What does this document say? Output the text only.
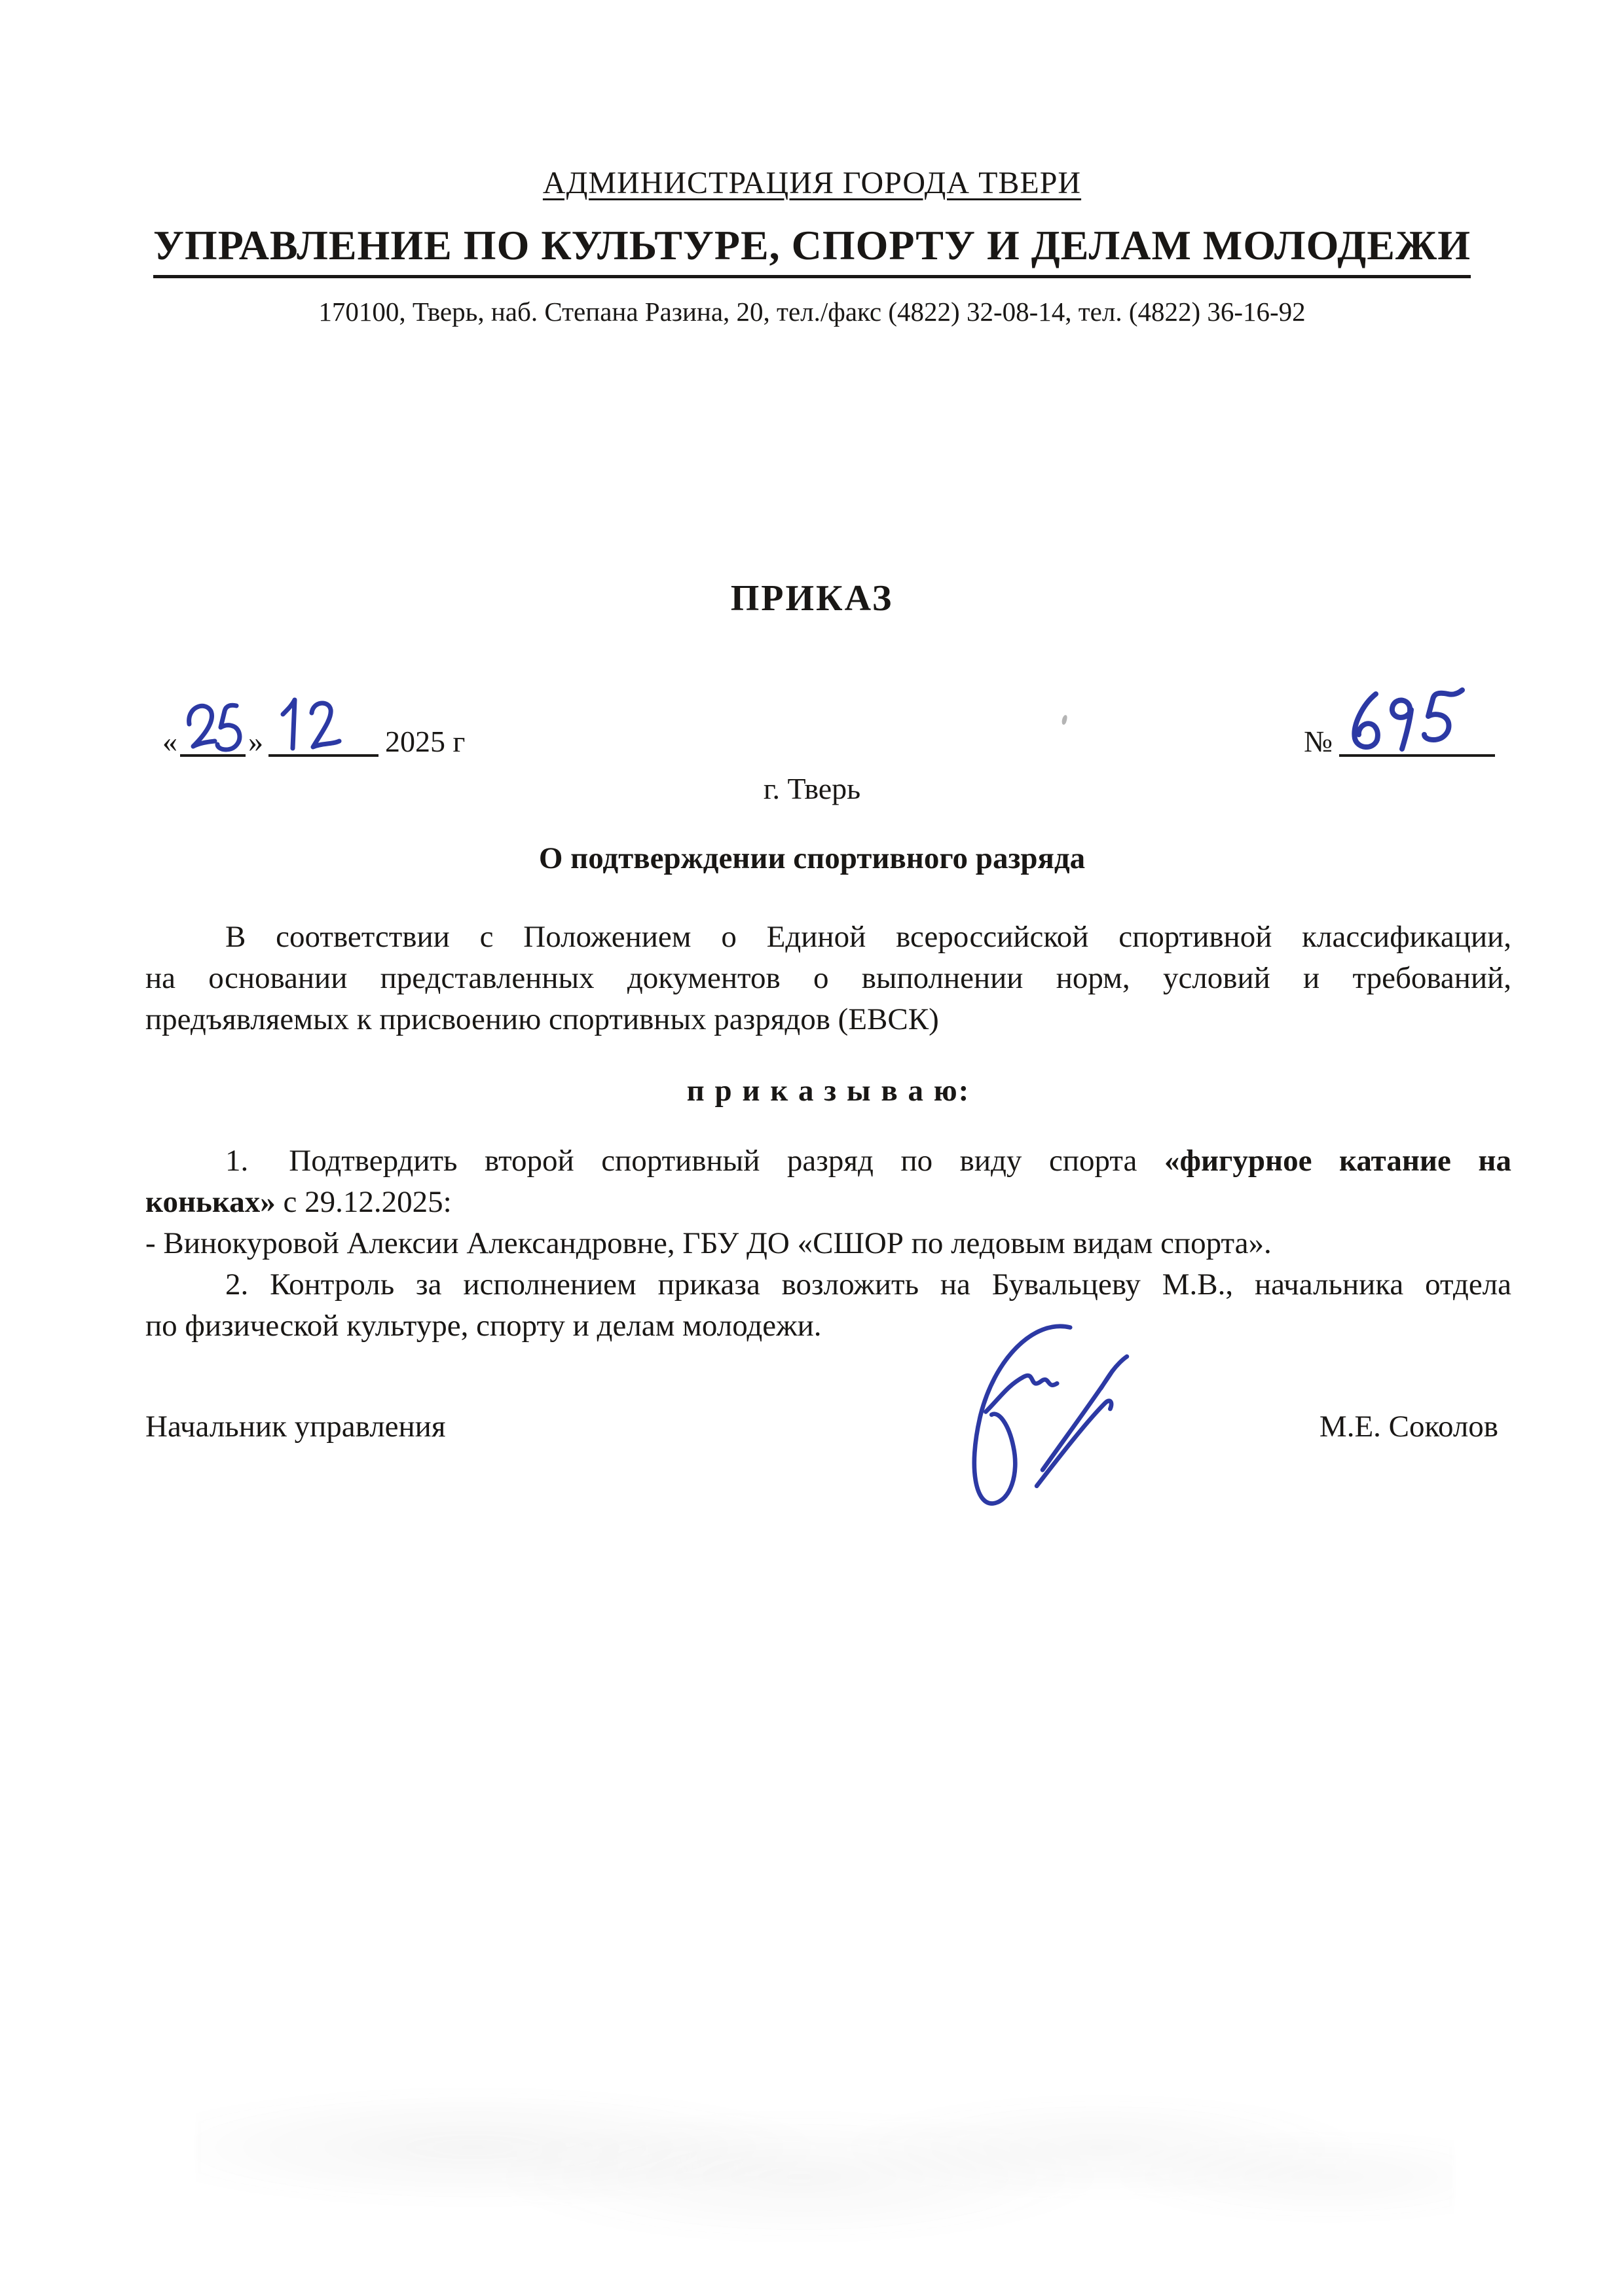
АДМИНИСТРАЦИЯ ГОРОДА ТВЕРИ
УПРАВЛЕНИЕ ПО КУЛЬТУРЕ, СПОРТУ И ДЕЛАМ МОЛОДЕЖИ
170100, Тверь, наб. Степана Разина, 20, тел./факс (4822) 32-08-14, тел. (4822) 36-16-92
ПРИКАЗ
« »	2025 г	№
г. Тверь
О подтверждении спортивного разряда

В соответствии с Положением о Единой всероссийской спортивной классификации,

на основании представленных документов о выполнении норм, условий и требований,

предъявляемых к присвоению спортивных разрядов (ЕВСК)

п р и к а з ы в а ю:

1. Подтвердить второй спортивный разряд по виду спорта «фигурное катание на

коньках» с 29.12.2025:

- Винокуровой Алексии Александровне, ГБУ ДО «СШОР по ледовым видам спорта».

2. Контроль за исполнением приказа возложить на Бувальцеву М.В., начальника отдела

по физической культуре, спорту и делам молодежи.

Начальник управления	М.Е. Соколов
